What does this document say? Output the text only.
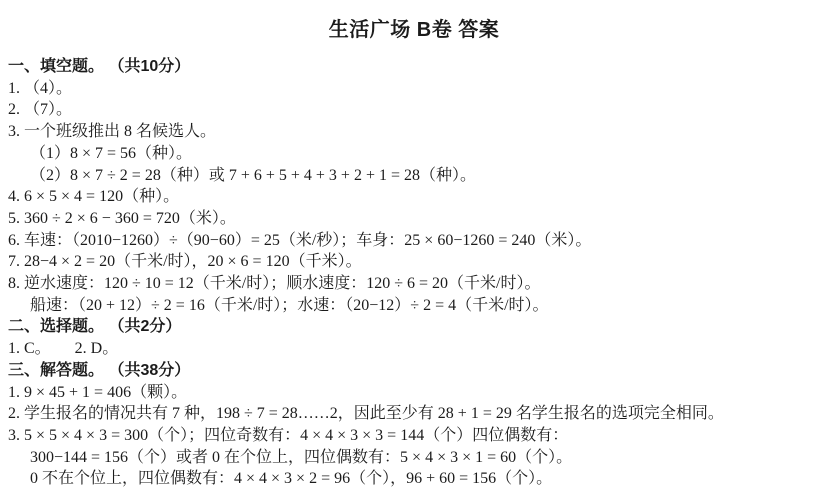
生活广场 B卷 答案
一、填空题。 （共10分）
1. （4）。
2. （7）。
3. 一个班级推出 8 名候选人。
（1）8 × 7 = 56（种）。
（2）8 × 7 ÷ 2 = 28（种）或 7 + 6 + 5 + 4 + 3 + 2 + 1 = 28（种）。
4. 6 × 5 × 4 = 120（种）。
5. 360 ÷ 2 × 6 − 360 = 720（米）。
6. 车速：（2010−1260）÷（90−60）= 25（米/秒）；车身：25 × 60−1260 = 240（米）。
7. 28−4 × 2 = 20（千米/时），20 × 6 = 120（千米）。
8. 逆水速度：120 ÷ 10 = 12（千米/时）；顺水速度：120 ÷ 6 = 20（千米/时）。
船速：（20 + 12）÷ 2 = 16（千米/时）；水速：（20−12）÷ 2 = 4（千米/时）。
二、选择题。 （共2分）
1. C。　　2. D。
三、解答题。 （共38分）
1. 9 × 45 + 1 = 406（颗）。
2. 学生报名的情况共有 7 种，198 ÷ 7 = 28……2，因此至少有 28 + 1 = 29 名学生报名的选项完全相同。
3. 5 × 5 × 4 × 3 = 300（个）；四位奇数有：4 × 4 × 3 × 3 = 144（个）四位偶数有：
300−144 = 156（个）或者 0 在个位上，四位偶数有：5 × 4 × 3 × 1 = 60（个）。
0 不在个位上，四位偶数有：4 × 4 × 3 × 2 = 96（个），96 + 60 = 156（个）。
